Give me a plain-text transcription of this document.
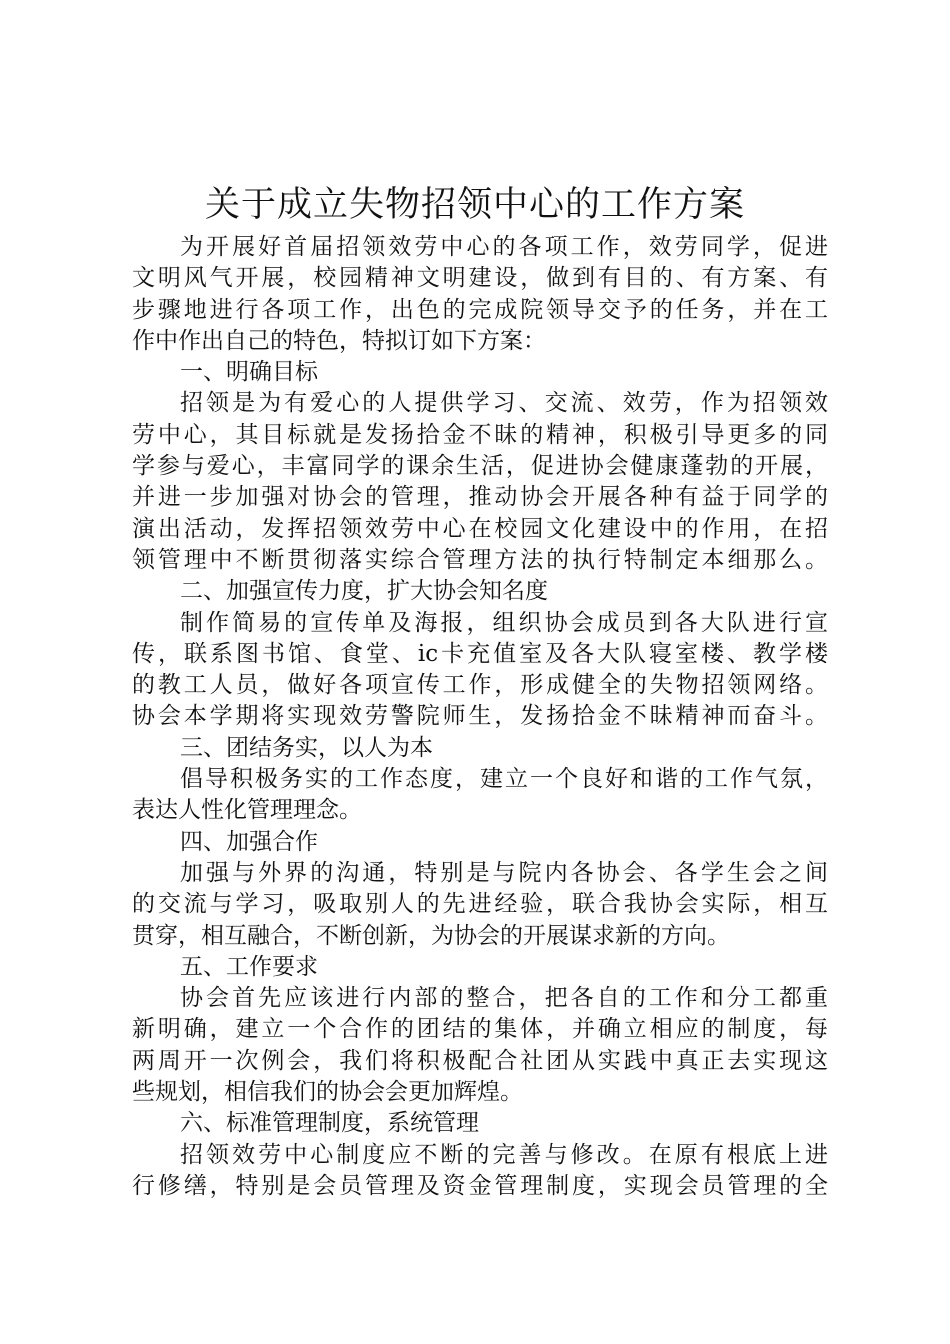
关于成立失物招领中心的工作方案
为开展好首届招领效劳中心的各项工作，效劳同学，促进
文明风气开展，校园精神文明建设，做到有目的、有方案、有
步骤地进行各项工作，出色的完成院领导交予的任务，并在工
作中作出自己的特色，特拟订如下方案：
一、明确目标
招领是为有爱心的人提供学习、交流、效劳，作为招领效
劳中心，其目标就是发扬拾金不昧的精神，积极引导更多的同
学参与爱心，丰富同学的课余生活，促进协会健康蓬勃的开展，
并进一步加强对协会的管理，推动协会开展各种有益于同学的
演出活动，发挥招领效劳中心在校园文化建设中的作用，在招
领管理中不断贯彻落实综合管理方法的执行特制定本细那么。
二、加强宣传力度，扩大协会知名度
制作简易的宣传单及海报，组织协会成员到各大队进行宣
传，联系图书馆、食堂、ic卡充值室及各大队寝室楼、教学楼
的教工人员，做好各项宣传工作，形成健全的失物招领网络。
协会本学期将实现效劳警院师生，发扬拾金不昧精神而奋斗。
三、团结务实，以人为本
倡导积极务实的工作态度，建立一个良好和谐的工作气氛，
表达人性化管理理念。
四、加强合作
加强与外界的沟通，特别是与院内各协会、各学生会之间
的交流与学习，吸取别人的先进经验，联合我协会实际，相互
贯穿，相互融合，不断创新，为协会的开展谋求新的方向。
五、工作要求
协会首先应该进行内部的整合，把各自的工作和分工都重
新明确，建立一个合作的团结的集体，并确立相应的制度，每
两周开一次例会，我们将积极配合社团从实践中真正去实现这
些规划，相信我们的协会会更加辉煌。
六、标准管理制度，系统管理
招领效劳中心制度应不断的完善与修改。在原有根底上进
行修缮，特别是会员管理及资金管理制度，实现会员管理的全
